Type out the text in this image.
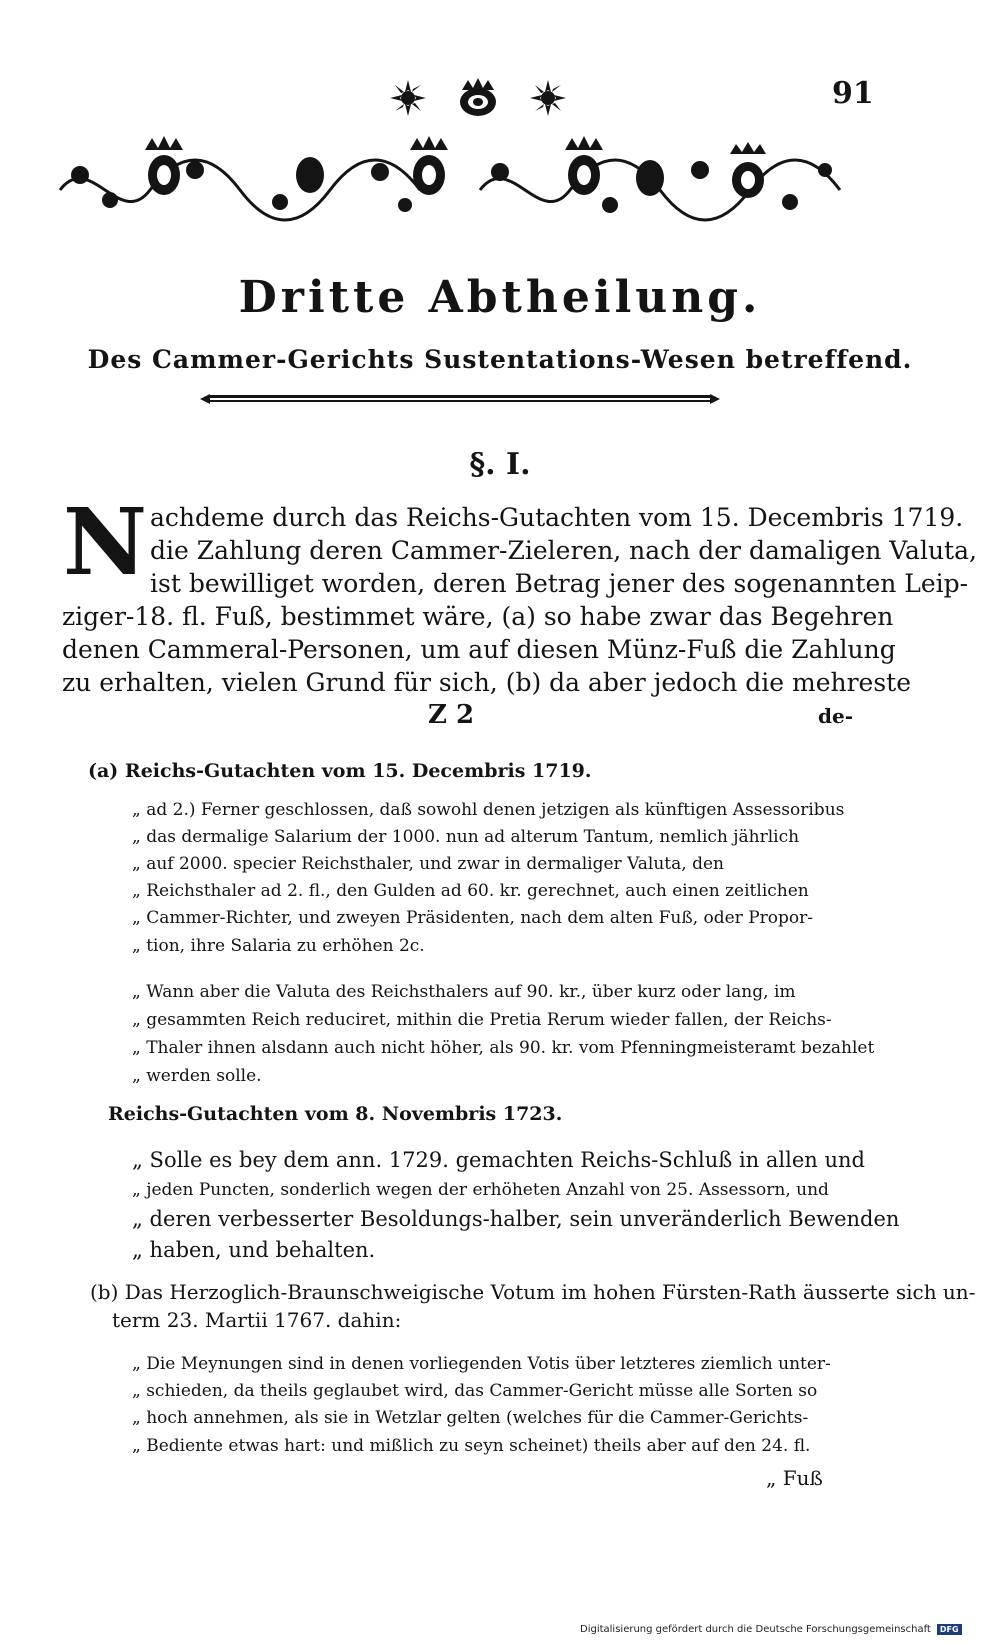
91
Dritte Abtheilung.
Des Cammer-Gerichts Sustentations-Wesen betreffend.
§. I.
N achdeme durch das Reichs-Gutachten vom 15. Decembris 1719.
die Zahlung deren Cammer-Zieleren, nach der damaligen Valuta,
ist bewilliget worden, deren Betrag jener des sogenannten Leip-
ziger-18. fl. Fuß, bestimmet wäre, (a) so habe zwar das Begehren
denen Cammeral-Personen, um auf diesen Münz-Fuß die Zahlung
zu erhalten, vielen Grund für sich, (b) da aber jedoch die mehreste
Z 2	de-
(a) Reichs-Gutachten vom 15. Decembris 1719.
„ ad 2.) Ferner geschlossen, daß sowohl denen jetzigen als künftigen Assessoribus
„ das dermalige Salarium der 1000. nun ad alterum Tantum, nemlich jährlich
„ auf 2000. specier Reichsthaler, und zwar in dermaliger Valuta, den
„ Reichsthaler ad 2. fl., den Gulden ad 60. kr. gerechnet, auch einen zeitlichen
„ Cammer-Richter, und zweyen Präsidenten, nach dem alten Fuß, oder Propor-
„ tion, ihre Salaria zu erhöhen 2c.
„ Wann aber die Valuta des Reichsthalers auf 90. kr., über kurz oder lang, im
„ gesammten Reich reduciret, mithin die Pretia Rerum wieder fallen, der Reichs-
„ Thaler ihnen alsdann auch nicht höher, als 90. kr. vom Pfenningmeisteramt bezahlet
„ werden solle.
Reichs-Gutachten vom 8. Novembris 1723.
„ Solle es bey dem ann. 1729. gemachten Reichs-Schluß in allen und
„ jeden Puncten, sonderlich wegen der erhöheten Anzahl von 25. Assessorn, und
„ deren verbesserter Besoldungs-halber, sein unveränderlich Bewenden
„ haben, und behalten.
(b) Das Herzoglich-Braunschweigische Votum im hohen Fürsten-Rath äusserte sich un-
term 23. Martii 1767. dahin:
„ Die Meynungen sind in denen vorliegenden Votis über letzteres ziemlich unter-
„ schieden, da theils geglaubet wird, das Cammer-Gericht müsse alle Sorten so
„ hoch annehmen, als sie in Wetzlar gelten (welches für die Cammer-Gerichts-
„ Bediente etwas hart: und mißlich zu seyn scheinet) theils aber auf den 24. fl.
„ Fuß
Digitalisierung gefördert durch die Deutsche Forschungsgemeinschaft	DFG
